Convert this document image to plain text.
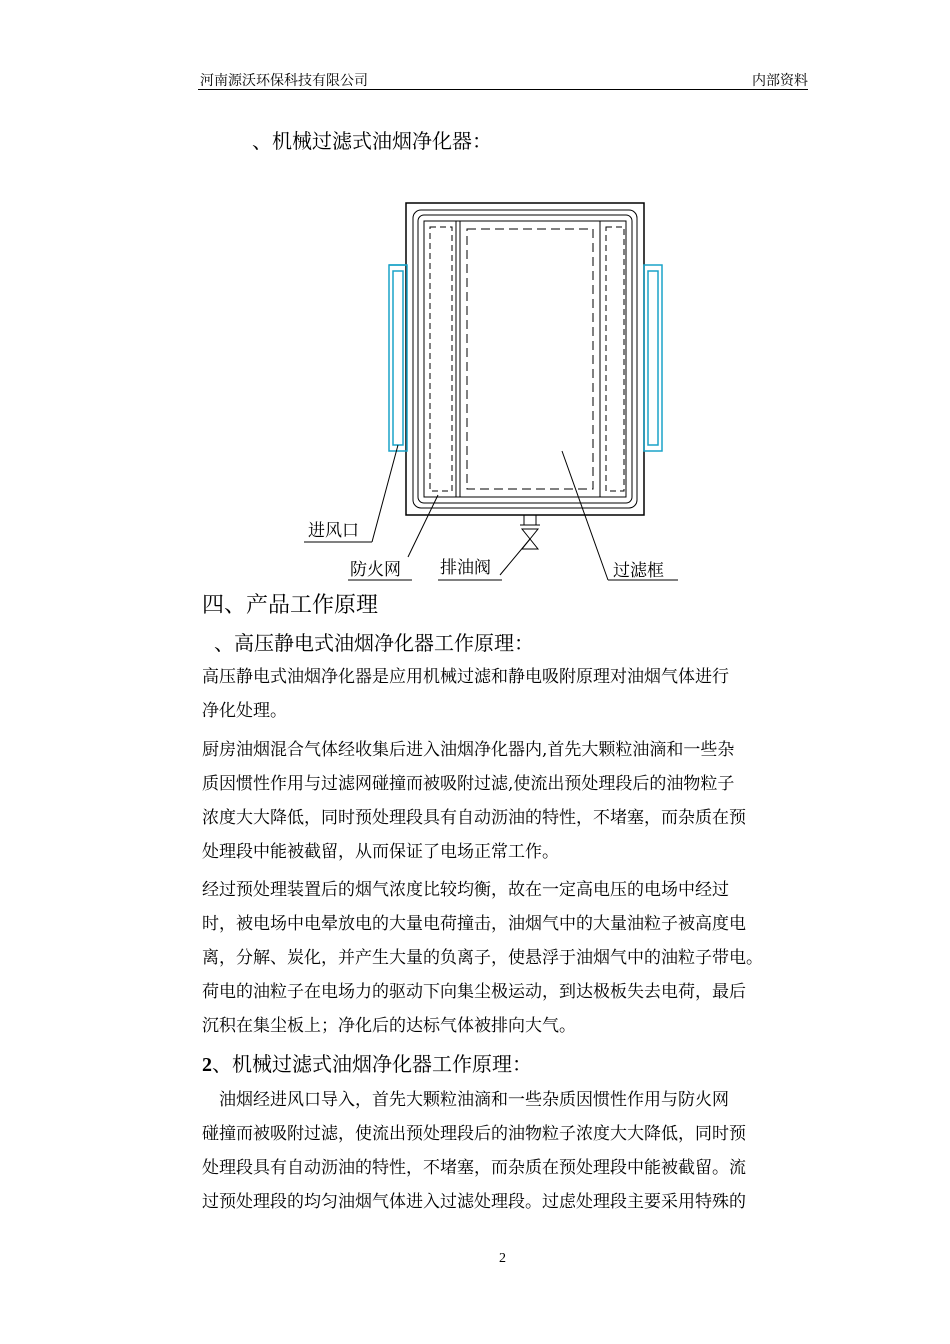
河南源沃环保科技有限公司	内部资料
、机械过滤式油烟净化器：
进风口
防火网 排油阀	过滤框
四、产品工作原理
、高压静电式油烟净化器工作原理：
高压静电式油烟净化器是应用机械过滤和静电吸附原理对油烟气体进行
净化处理。
厨房油烟混合气体经收集后进入油烟净化器内,首先大颗粒油滴和一些杂
质因惯性作用与过滤网碰撞而被吸附过滤,使流出预处理段后的油物粒子
浓度大大降低，同时预处理段具有自动沥油的特性，不堵塞，而杂质在预
处理段中能被截留，从而保证了电场正常工作。
经过预处理装置后的烟气浓度比较均衡，故在一定高电压的电场中经过
时，被电场中电晕放电的大量电荷撞击，油烟气中的大量油粒子被高度电
离，分解、炭化，并产生大量的负离子，使悬浮于油烟气中的油粒子带电。
荷电的油粒子在电场力的驱动下向集尘极运动，到达极板失去电荷，最后
沉积在集尘板上；净化后的达标气体被排向大气。
2、机械过滤式油烟净化器工作原理：
　油烟经进风口导入，首先大颗粒油滴和一些杂质因惯性作用与防火网
碰撞而被吸附过滤，使流出预处理段后的油物粒子浓度大大降低，同时预
处理段具有自动沥油的特性，不堵塞，而杂质在预处理段中能被截留。流
过预处理段的均匀油烟气体进入过滤处理段。过虑处理段主要采用特殊的
2
